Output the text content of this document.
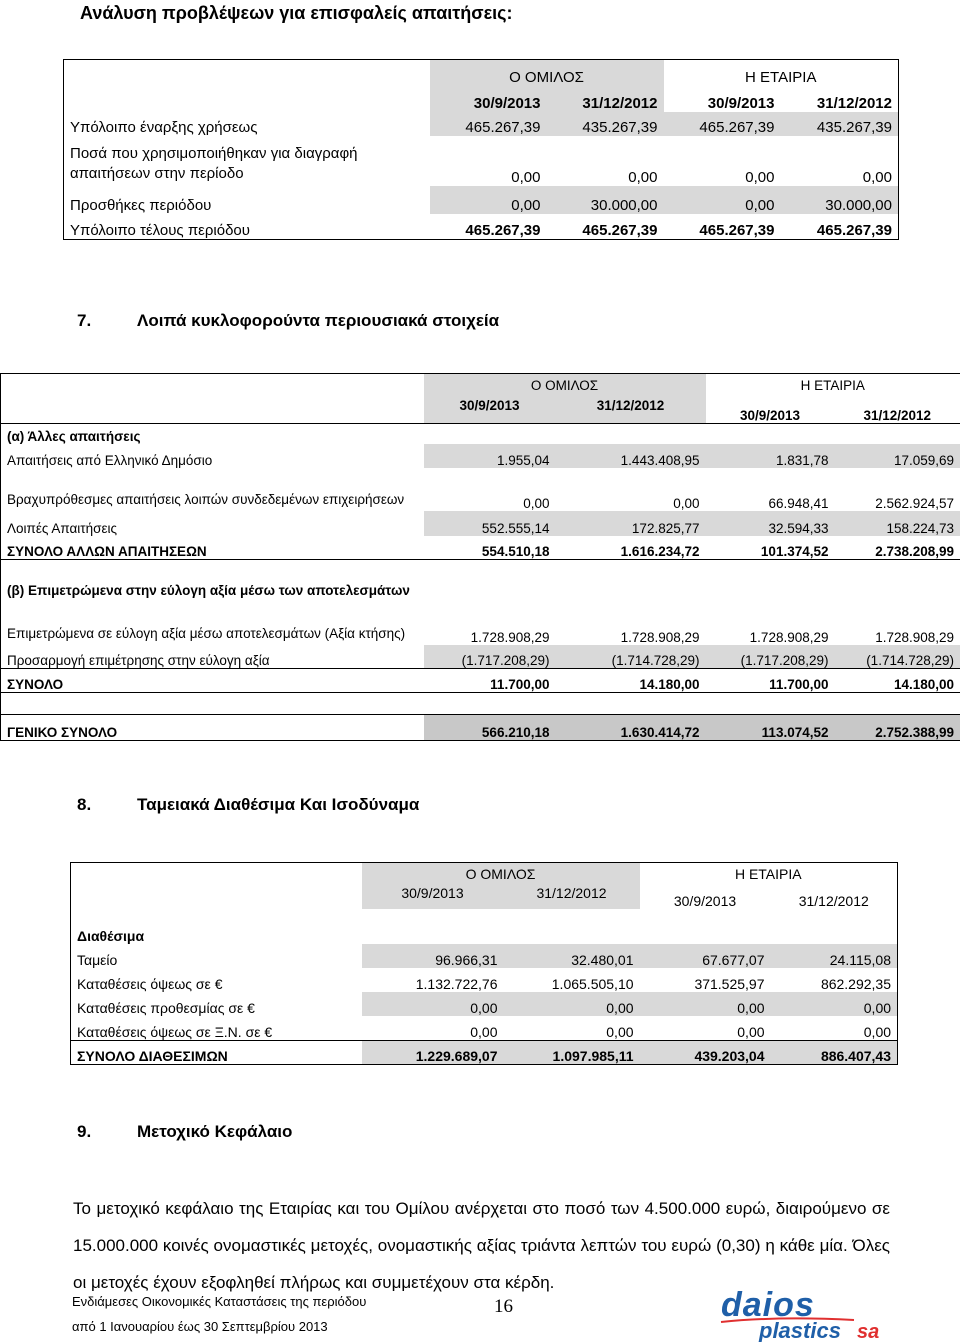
Ανάλυση προβλέψεων για επισφαλείς απαιτήσεις:
	Ο ΟΜΙΛΟΣ		Η ΕΤΑΙΡΙΑ	
	30/9/2013	31/12/2012	30/9/2013	31/12/2012
Υπόλοιπο έναρξης χρήσεως	465.267,39	435.267,39	465.267,39	435.267,39
Ποσά που χρησιμοποιήθηκαν για διαγραφή απαιτήσεων στην περίοδο	0,00	0,00	0,00	0,00
Προσθήκες περιόδου	0,00	30.000,00	0,00	30.000,00
Υπόλοιπο τέλους περιόδου	465.267,39	465.267,39	465.267,39	465.267,39
7.	Λοιπά κυκλοφορούντα περιουσιακά στοιχεία
	Ο ΟΜΙΛΟΣ		Η ΕΤΑΙΡΙΑ	
	30/9/2013	31/12/2012	30/9/2013	31/12/2012
(α) Άλλες απαιτήσεις				
Απαιτήσεις από Ελληνικό Δημόσιο	1.955,04	1.443.408,95	1.831,78	17.059,69
Βραχυπρόθεσμες απαιτήσεις λοιπών συνδεδεμένων επιχειρήσεων	0,00	0,00	66.948,41	2.562.924,57
Λοιπές Απαιτήσεις	552.555,14	172.825,77	32.594,33	158.224,73
ΣΥΝΟΛΟ ΑΛΛΩΝ ΑΠΑΙΤΗΣΕΩΝ	554.510,18	1.616.234,72	101.374,52	2.738.208,99
(β) Επιμετρώμενα στην εύλογη αξία μέσω των αποτελεσμάτων				
Επιμετρώμενα σε εύλογη αξία μέσω αποτελεσμάτων (Αξία κτήσης)	1.728.908,29	1.728.908,29	1.728.908,29	1.728.908,29
Προσαρμογή επιμέτρησης στην εύλογη αξία	(1.717.208,29)	(1.714.728,29)	(1.717.208,29)	(1.714.728,29)
ΣΥΝΟΛΟ	11.700,00	14.180,00	11.700,00	14.180,00

ΓΕΝΙΚΟ ΣΥΝΟΛΟ	566.210,18	1.630.414,72	113.074,52	2.752.388,99
8.	Ταμειακά Διαθέσιμα Και Ισοδύναμα
	Ο ΟΜΙΛΟΣ		Η ΕΤΑΙΡΙΑ	
	30/9/2013	31/12/2012	30/9/2013	31/12/2012
Διαθέσιμα				
Ταμείο	96.966,31	32.480,01	67.677,07	24.115,08
Καταθέσεις όψεως σε €	1.132.722,76	1.065.505,10	371.525,97	862.292,35
Καταθέσεις προθεσμίας σε €	0,00	0,00	0,00	0,00
Καταθέσεις όψεως σε Ξ.Ν. σε €	0,00	0,00	0,00	0,00
ΣΥΝΟΛΟ ΔΙΑΘΕΣΙΜΩΝ	1.229.689,07	1.097.985,11	439.203,04	886.407,43
9.	Μετοχικό Κεφάλαιο
Το μετοχικό κεφάλαιο της Εταιρίας και του Ομίλου ανέρχεται στο ποσό των 4.500.000 ευρώ, διαιρούμενο σε 15.000.000 κοινές ονομαστικές μετοχές, ονομαστικής αξίας τριάντα λεπτών του ευρώ (0,30) η κάθε μία. Όλες οι μετοχές έχουν εξοφληθεί πλήρως και συμμετέχουν στα κέρδη.
Ενδιάμεσες Οικονομικές Καταστάσεις της περιόδου
από 1 Ιανουαρίου έως 30 Σεπτεμβρίου 2013
16	daios
plastics sa
